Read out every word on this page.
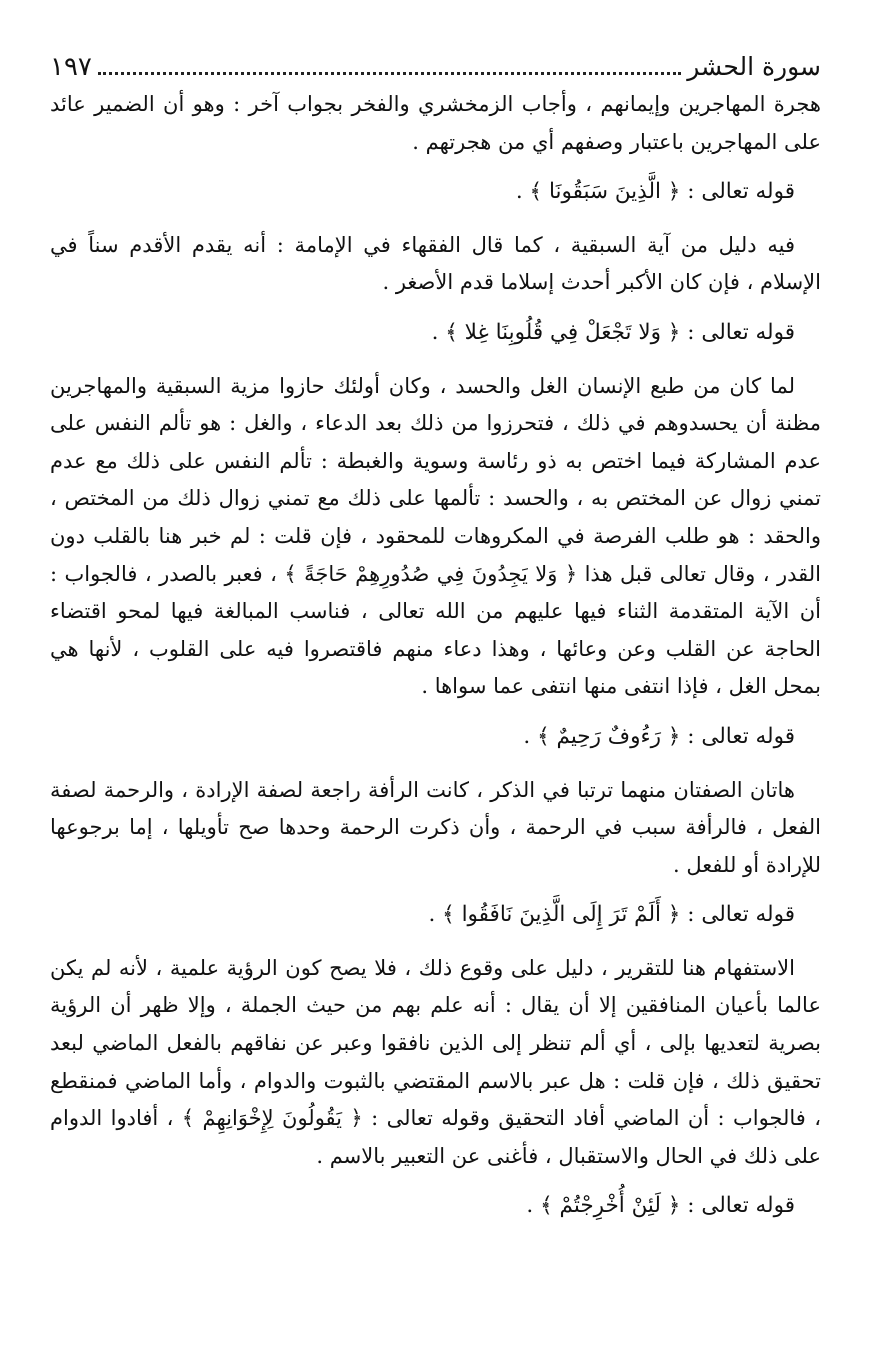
سورة الحشر
١٩٧

هجرة المهاجرين وإيمانهم ، وأجاب الزمخشري والفخر بجواب آخر : وهو أن الضمير عائد على المهاجرين باعتبار وصفهم أي من هجرتهم .

قوله تعالى : ﴿ الَّذِينَ سَبَقُونَا ﴾ .

فيه دليل من آية السبقية ، كما قال الفقهاء في الإمامة : أنه يقدم الأقدم سناً في الإسلام ، فإن كان الأكبر أحدث إسلاما قدم الأصغر .

قوله تعالى : ﴿ وَلا تَجْعَلْ فِي قُلُوبِنَا غِلا ﴾ .

لما كان من طبع الإنسان الغل والحسد ، وكان أولئك حازوا مزية السبقية والمهاجرين مظنة أن يحسدوهم في ذلك ، فتحرزوا من ذلك بعد الدعاء ، والغل : هو تألم النفس على عدم المشاركة فيما اختص به ذو رئاسة وسوية والغبطة : تألم النفس على ذلك مع عدم تمني زوال عن المختص به ، والحسد : تألمها على ذلك مع تمني زوال ذلك من المختص ، والحقد : هو طلب الفرصة في المكروهات للمحقود ، فإن قلت : لم خبر هنا بالقلب دون القدر ، وقال تعالى قبل هذا ﴿ وَلا يَجِدُونَ فِي صُدُورِهِمْ حَاجَةً ﴾ ، فعبر بالصدر ، فالجواب : أن الآية المتقدمة الثناء فيها عليهم من الله تعالى ، فناسب المبالغة فيها لمحو اقتضاء الحاجة عن القلب وعن وعائها ، وهذا دعاء منهم فاقتصروا فيه على القلوب ، لأنها هي بمحل الغل ، فإذا انتفى منها انتفى عما سواها .

قوله تعالى : ﴿ رَءُوفٌ رَحِيمٌ ﴾ .

هاتان الصفتان منهما ترتبا في الذكر ، كانت الرأفة راجعة لصفة الإرادة ، والرحمة لصفة الفعل ، فالرأفة سبب في الرحمة ، وأن ذكرت الرحمة وحدها صح تأويلها ، إما برجوعها للإرادة أو للفعل .

قوله تعالى : ﴿ أَلَمْ تَرَ إِلَى الَّذِينَ نَافَقُوا ﴾ .

الاستفهام هنا للتقرير ، دليل على وقوع ذلك ، فلا يصح كون الرؤية علمية ، لأنه لم يكن عالما بأعيان المنافقين إلا أن يقال : أنه علم بهم من حيث الجملة ، وإلا ظهر أن الرؤية بصرية لتعديها بإلى ، أي ألم تنظر إلى الذين نافقوا وعبر عن نفاقهم بالفعل الماضي لبعد تحقيق ذلك ، فإن قلت : هل عبر بالاسم المقتضي بالثبوت والدوام ، وأما الماضي فمنقطع ، فالجواب : أن الماضي أفاد التحقيق وقوله تعالى : ﴿ يَقُولُونَ لِإِخْوَانِهِمْ ﴾ ، أفادوا الدوام على ذلك في الحال والاستقبال ، فأغنى عن التعبير بالاسم .

قوله تعالى : ﴿ لَئِنْ أُخْرِجْتُمْ ﴾ .
